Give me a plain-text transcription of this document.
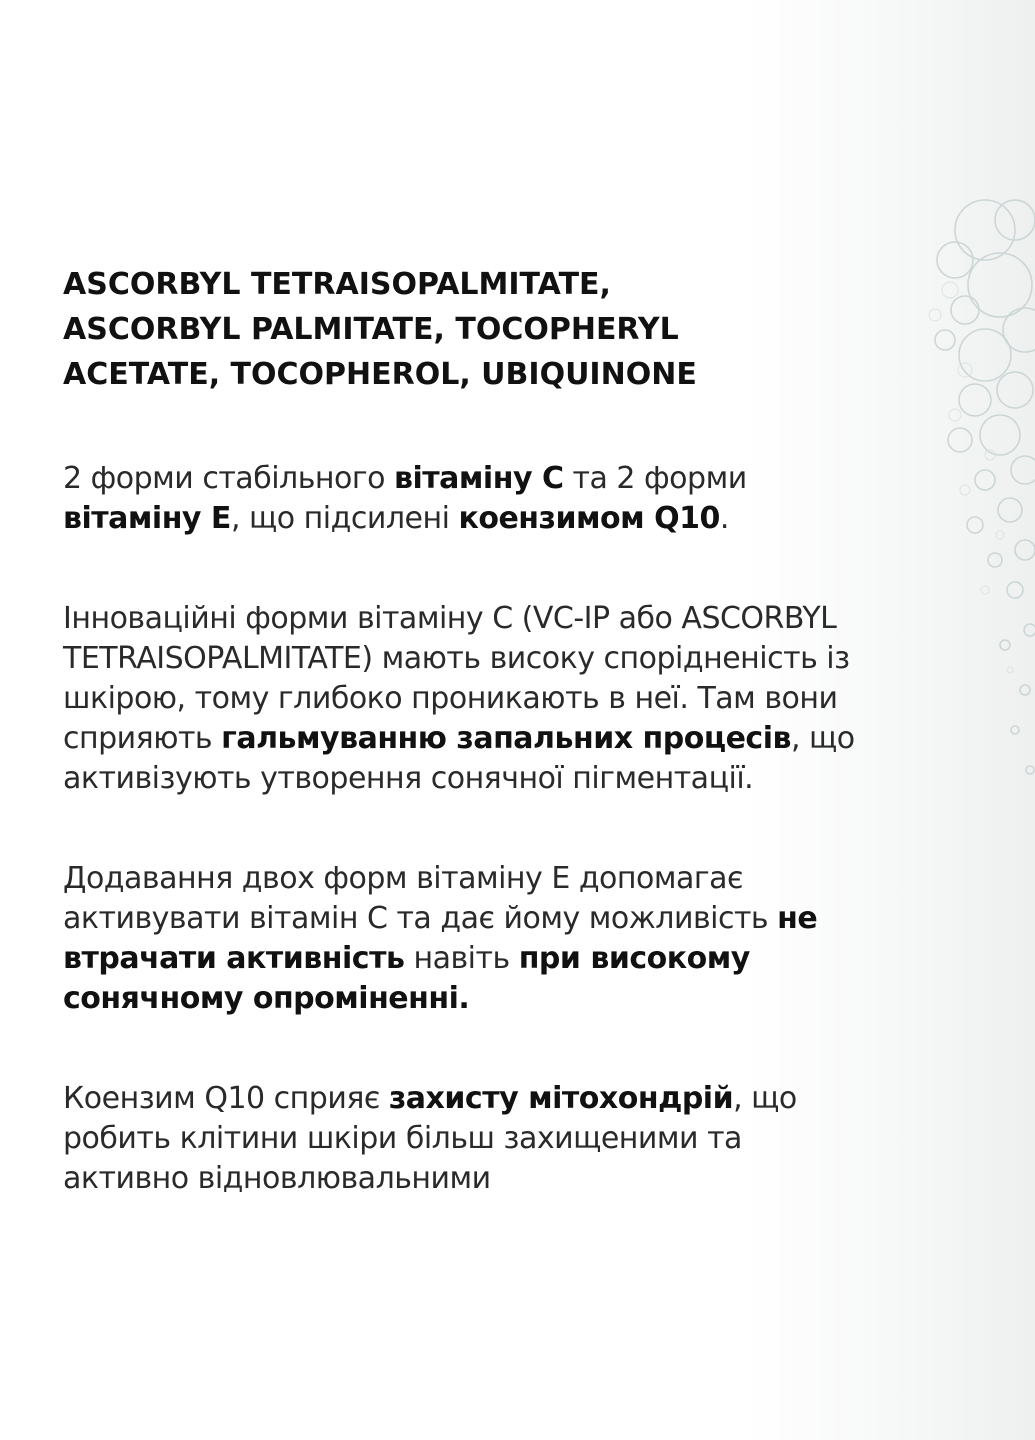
ASCORBYL TETRAISOPALMITATE,
ASCORBYL PALMITATE, TOCOPHERYL
ACETATE, TOCOPHEROL, UBIQUINONE

2 форми стабільного вітаміну С та 2 форми
вітаміну Е, що підсилені коензимом Q10.

Інноваційні форми вітаміну С (VC-IP або ASCORBYL
TETRAISOPALMITATE) мають високу спорідненість із
шкірою, тому глибоко проникають в неї. Там вони
сприяють гальмуванню запальних процесів, що
активізують утворення сонячної пігментації.

Додавання двох форм вітаміну Е допомагає
активувати вітамін С та дає йому можливість не
втрачати активність навіть при високому
сонячному опроміненні.

Коензим Q10 сприяє захисту мітохондрій, що
робить клітини шкіри більш захищеними та
активно відновлювальними
